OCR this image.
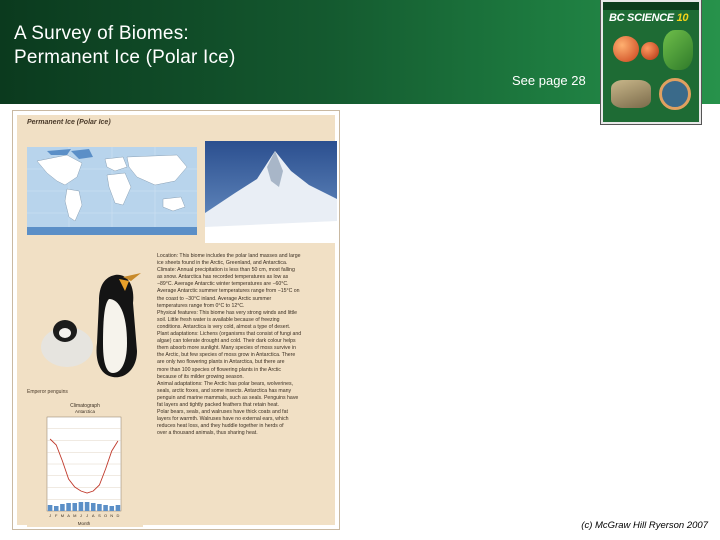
A Survey of Biomes:
Permanent Ice (Polar Ice)
See page 28
BC SCIENCE 10
Permanent Ice (Polar Ice)
Emperor penguins
Location: This biome includes the polar land masses and large
ice sheets found in the Arctic, Greenland, and Antarctica.
Climate: Annual precipitation is less than 50 cm, most falling
as snow. Antarctica has recorded temperatures as low as
−89°C. Average Antarctic winter temperatures are −60°C.
Average Antarctic summer temperatures range from −15°C on
the coast to −30°C inland. Average Arctic summer
temperatures range from 0°C to 12°C.
Physical features: This biome has very strong winds and little
soil. Little fresh water is available because of freezing
conditions. Antarctica is very cold, almost a type of desert.
Plant adaptations: Lichens (organisms that consist of fungi and
algae) can tolerate drought and cold. Their dark colour helps
them absorb more sunlight. Many species of moss survive in
the Arctic, but few species of moss grow in Antarctica. There
are only two flowering plants in Antarctica, but there are
more than 100 species of flowering plants in the Arctic
because of its milder growing season.
Animal adaptations: The Arctic has polar bears, wolverines,
seals, arctic foxes, and some insects. Antarctica has many
penguin and marine mammals, such as seals. Penguins have
fat layers and tightly packed feathers that retain heat.
Polar bears, seals, and walruses have thick coats and fat
layers for warmth. Walruses have no external ears, which
reduces heat loss, and they huddle together in herds of
over a thousand animals, thus sharing heat.
Climatograph
Antarctica
J F M A M J J A S O N D
Month	(c) McGraw Hill Ryerson 2007
